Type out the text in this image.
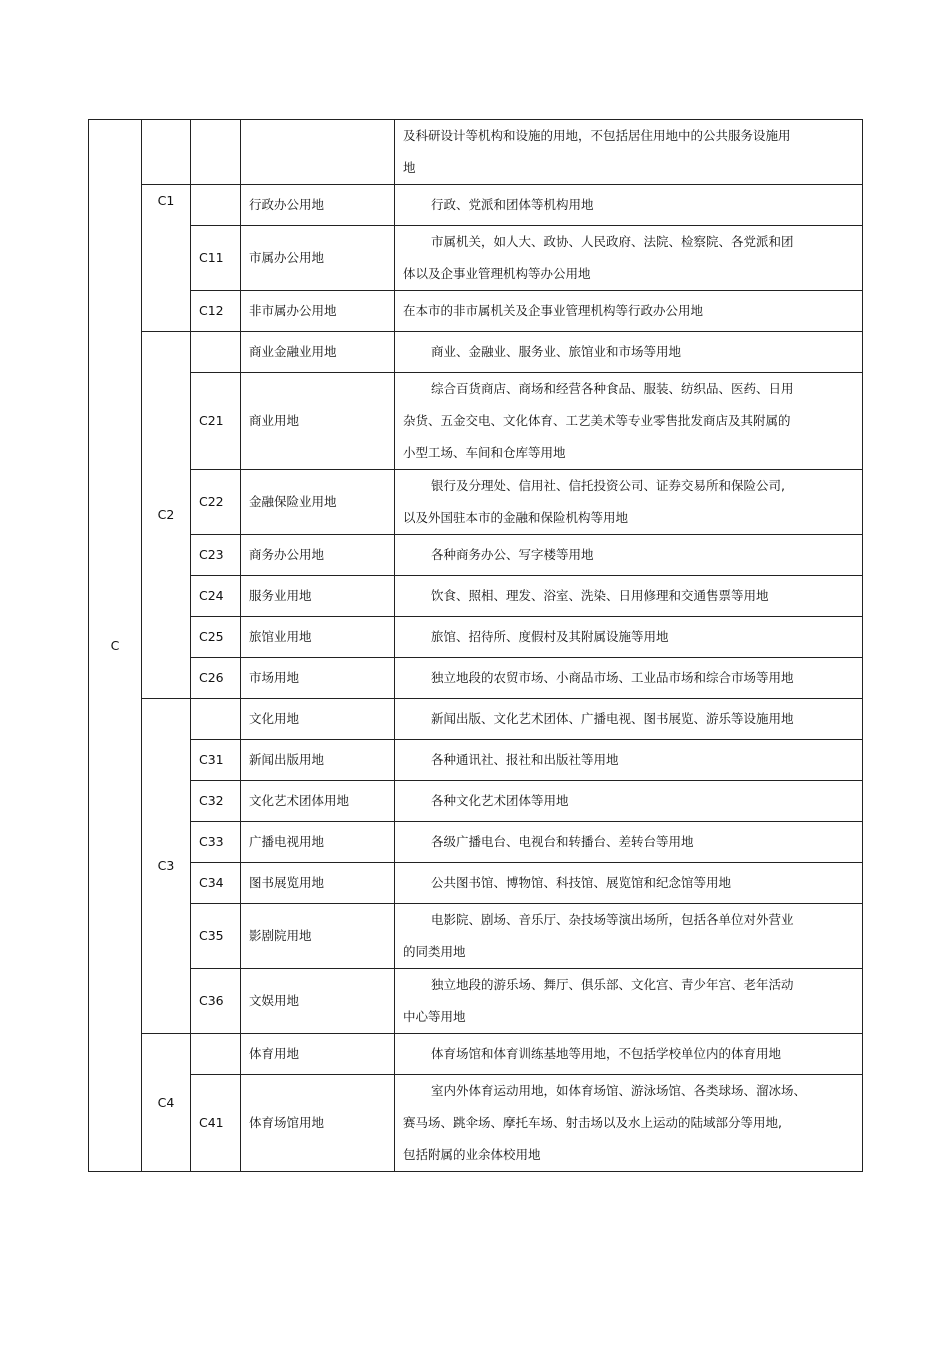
C				及科研设计等机构和设施的用地，不包括居住用地中的公共服务设施用
地

	C1		行政办公用地	行政、党派和团体等机构用地

		C11	市属办公用地	市属机关，如人大、政协、人民政府、法院、检察院、各党派和团
体以及企事业管理机构等办公用地

		C12	非市属办公用地	在本市的非市属机关及企事业管理机构等行政办公用地

	C2		商业金融业用地	商业、金融业、服务业、旅馆业和市场等用地

		C21	商业用地	综合百货商店、商场和经营各种食品、服装、纺织品、医药、日用
杂货、五金交电、文化体育、工艺美术等专业零售批发商店及其附属的
小型工场、车间和仓库等用地

		C22	金融保险业用地	银行及分理处、信用社、信托投资公司、证券交易所和保险公司,
以及外国驻本市的金融和保险机构等用地

		C23	商务办公用地	各种商务办公、写字楼等用地

		C24	服务业用地	饮食、照相、理发、浴室、洗染、日用修理和交通售票等用地

		C25	旅馆业用地	旅馆、招待所、度假村及其附属设施等用地

		C26	市场用地	独立地段的农贸市场、小商品市场、工业品市场和综合市场等用地

	C3		文化用地	新闻出版、文化艺术团体、广播电视、图书展览、游乐等设施用地

		C31	新闻出版用地	各种通讯社、报社和出版社等用地

		C32	文化艺术团体用地	各种文化艺术团体等用地

		C33	广播电视用地	各级广播电台、电视台和转播台、差转台等用地

		C34	图书展览用地	公共图书馆、博物馆、科技馆、展览馆和纪念馆等用地

		C35	影剧院用地	电影院、剧场、音乐厅、杂技场等演出场所，包括各单位对外营业
的同类用地

		C36	文娱用地	独立地段的游乐场、舞厅、俱乐部、文化宫、青少年宫、老年活动
中心等用地

	C4		体育用地	体育场馆和体育训练基地等用地，不包括学校单位内的体育用地

		C41	体育场馆用地	室内外体育运动用地，如体育场馆、游泳场馆、各类球场、溜冰场、
赛马场、跳伞场、摩托车场、射击场以及水上运动的陆域部分等用地,
包括附属的业余体校用地
